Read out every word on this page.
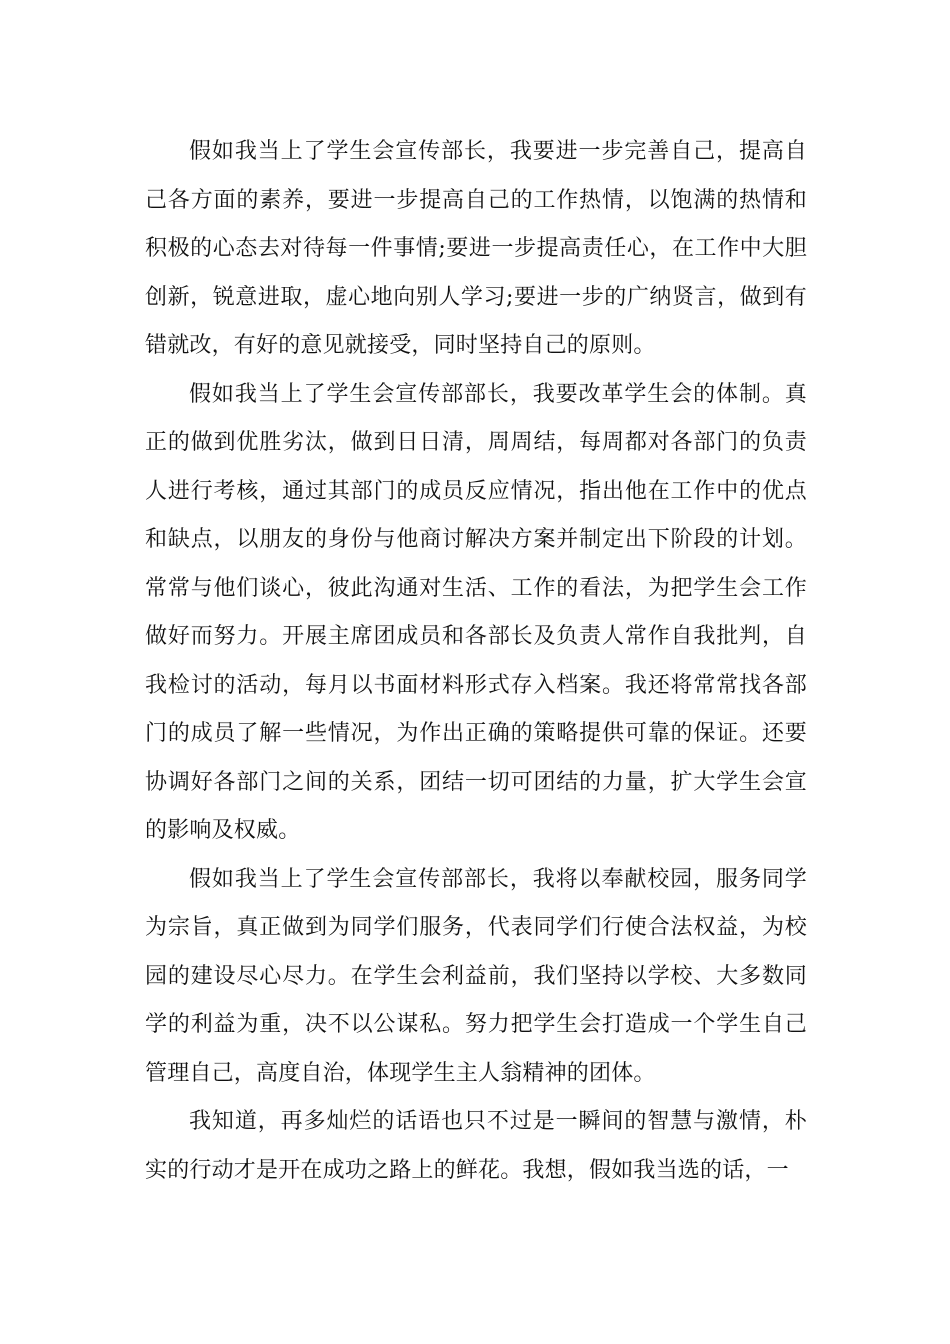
假如我当上了学生会宣传部长，我要进一步完善自己，提高自己各方面的素养，要进一步提高自己的工作热情，以饱满的热情和积极的心态去对待每一件事情;要进一步提高责任心，在工作中大胆创新，锐意进取，虚心地向别人学习;要进一步的广纳贤言，做到有错就改，有好的意见就接受，同时坚持自己的原则。

假如我当上了学生会宣传部部长，我要改革学生会的体制。真正的做到优胜劣汰，做到日日清，周周结，每周都对各部门的负责人进行考核，通过其部门的成员反应情况，指出他在工作中的优点和缺点，以朋友的身份与他商讨解决方案并制定出下阶段的计划。常常与他们谈心，彼此沟通对生活、工作的看法，为把学生会工作做好而努力。开展主席团成员和各部长及负责人常作自我批判，自我检讨的活动，每月以书面材料形式存入档案。我还将常常找各部门的成员了解一些情况，为作出正确的策略提供可靠的保证。还要协调好各部门之间的关系，团结一切可团结的力量，扩大学生会宣的影响及权威。

假如我当上了学生会宣传部部长，我将以奉献校园，服务同学为宗旨，真正做到为同学们服务，代表同学们行使合法权益，为校园的建设尽心尽力。在学生会利益前，我们坚持以学校、大多数同学的利益为重，决不以公谋私。努力把学生会打造成一个学生自己管理自己，高度自治，体现学生主人翁精神的团体。

我知道，再多灿烂的话语也只不过是一瞬间的智慧与激情，朴实的行动才是开在成功之路上的鲜花。我想，假如我当选的话，一
